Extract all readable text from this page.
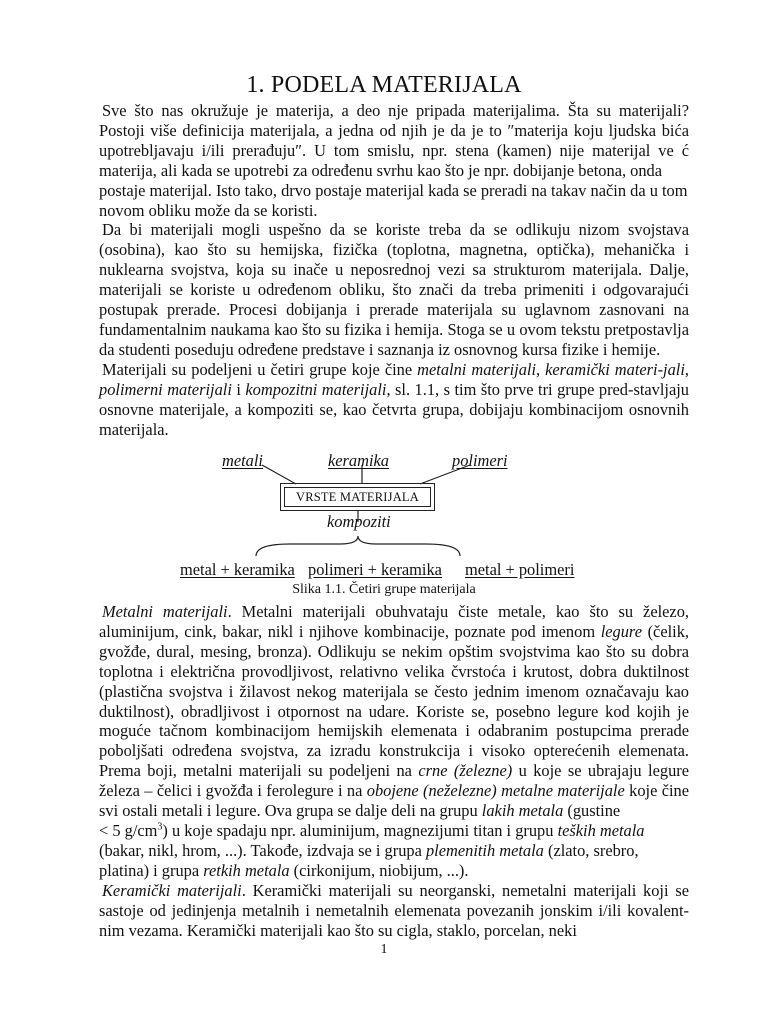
1. PODELA MATERIJALA

Sve što nas okružuje je materija, a deo nje pripada materijalima. Šta su materijali? Postoji više definicija materijala, a jedna od njih je da je to ″materija koju ljudska bića upotrebljavaju i/ili prerađuju″. U tom smislu, npr. stena (kamen) nije materijal ve ć materija, ali kada se upotrebi za određenu svrhu kao što je npr. dobijanje betona, onda

postaje materijal. Isto tako, drvo postaje materijal kada se preradi na takav način da u tom novom obliku može da se koristi.

Da bi materijali mogli uspešno da se koriste treba da se odlikuju nizom svojstava (osobina), kao što su hemijska, fizička (toplotna, magnetna, optička), mehanička i nuklearna svojstva, koja su inače u neposrednoj vezi sa strukturom materijala. Dalje, materijali se koriste u određenom obliku, što znači da treba primeniti i odgovarajući postupak prerade. Procesi dobijanja i prerade materijala su uglavnom zasnovani na fundamentalnim naukama kao što su fizika i hemija. Stoga se u ovom tekstu pretpostavlja da studenti poseduju određene predstave i saznanja iz osnovnog kursa fizike i hemije.

Materijali su podeljeni u četiri grupe koje čine metalni materijali, keramički materi-jali, polimerni materijali i kompozitni materijali, sl. 1.1, s tim što prve tri grupe pred-stavljaju osnovne materijale, a kompoziti se, kao četvrta grupa, dobijaju kombinacijom osnovnih materijala.

metali	keramika	polimeri
VRSTE MATERIJALA
kompoziti
metal + keramika polimeri + keramika metal + polimeri
Slika 1.1. Četiri grupe materijala

Metalni materijali. Metalni materijali obuhvataju čiste metale, kao što su železo, aluminijum, cink, bakar, nikl i njihove kombinacije, poznate pod imenom legure (čelik, gvožđe, dural, mesing, bronza). Odlikuju se nekim opštim svojstvima kao što su dobra toplotna i električna provodljivost, relativno velika čvrstoća i krutost, dobra duktilnost (plastična svojstva i žilavost nekog materijala se često jednim imenom označavaju kao duktilnost), obradljivost i otpornost na udare. Koriste se, posebno legure kod kojih je moguće tačnom kombinacijom hemijskih elemenata i odabranim postupcima prerade poboljšati određena svojstva, za izradu konstrukcija i visoko opterećenih elemenata. Prema boji, metalni materijali su podeljeni na crne (železne) u koje se ubrajaju legure železa – čelici i gvožđa i ferolegure i na obojene (neželezne) metalne materijale koje čine svi ostali metali i legure. Ova grupa se dalje deli na grupu lakih metala (gustine

< 5 $g/cm^3$) u koje spadaju npr. aluminijum, magnezijumi titan i grupu teških metala (bakar, nikl, hrom, ...). Takođe, izdvaja se i grupa plemenitih metala (zlato, srebro, platina) i grupa retkih metala (cirkonijum, niobijum, ...).

Keramički materijali. Keramički materijali su neorganski, nemetalni materijali koji se sastoje od jedinjenja metalnih i nemetalnih elemenata povezanih jonskim i/ili kovalent- nim vezama. Keramički materijali kao što su cigla, staklo, porcelan, neki

1
